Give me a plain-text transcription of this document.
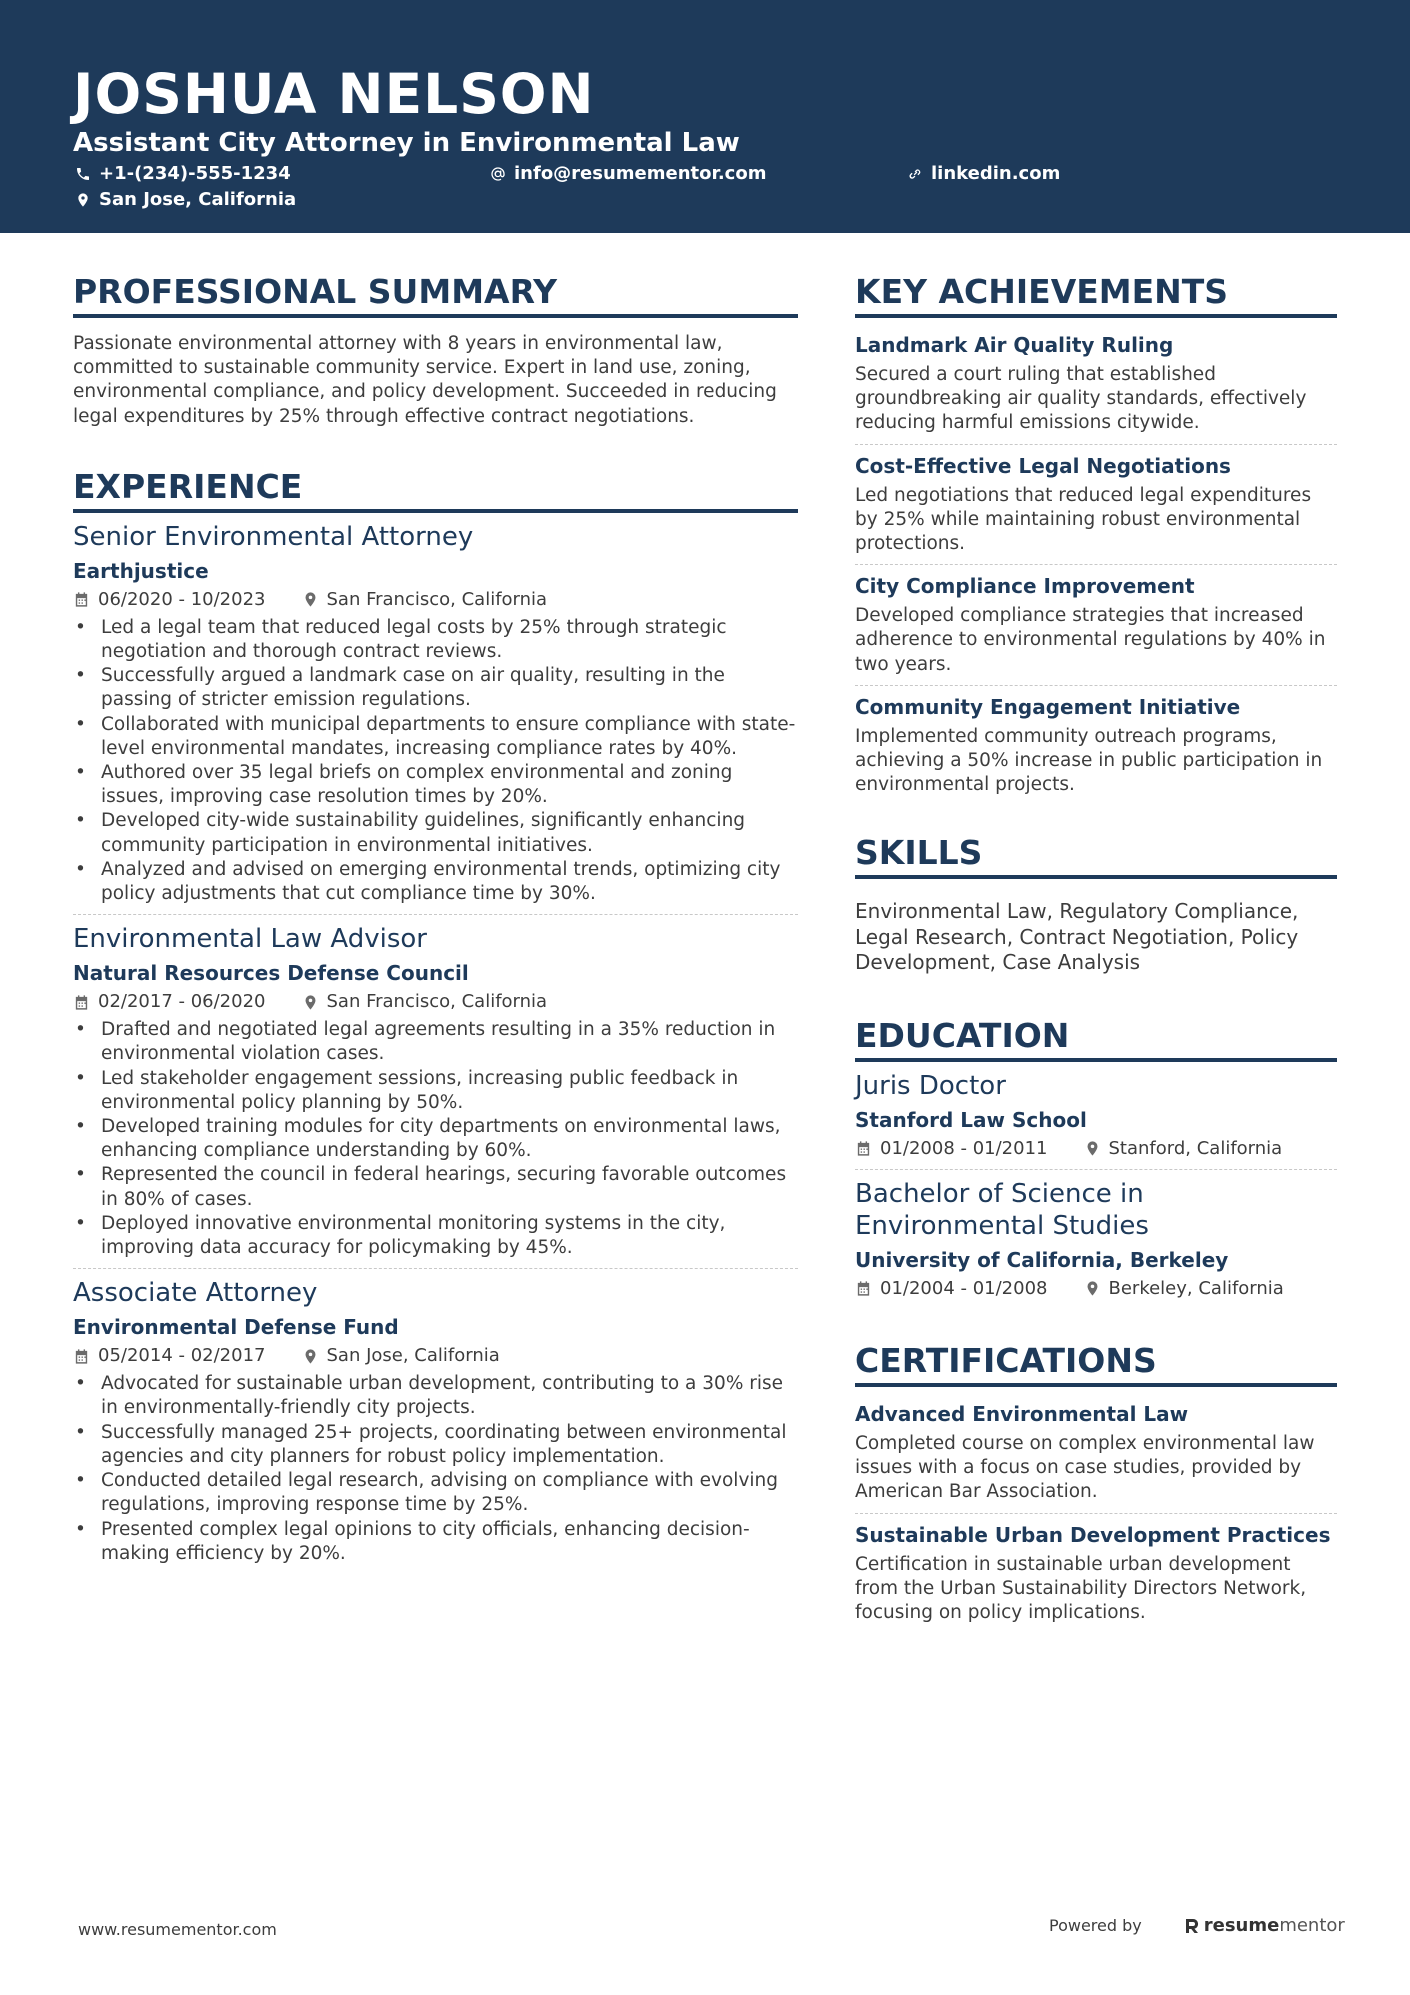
JOSHUA NELSON
Assistant City Attorney in Environmental Law
+1-(234)-555-1234	info@resumementor.com	linkedin.com
San Jose, California
PROFESSIONAL SUMMARY

Passionate environmental attorney with 8 years in environmental law, committed to sustainable community service. Expert in land use, zoning, environmental compliance, and policy development. Succeeded in reducing legal expenditures by 25% through effective contract negotiations.

EXPERIENCE

Senior Environmental Attorney

Earthjustice

06/2020 - 10/2023	San Francisco, California
• Led a legal team that reduced legal costs by 25% through strategic negotiation and thorough contract reviews.
• Successfully argued a landmark case on air quality, resulting in the passing of stricter emission regulations.
• Collaborated with municipal departments to ensure compliance with state-level environmental mandates, increasing compliance rates by 40%.
• Authored over 35 legal briefs on complex environmental and zoning issues, improving case resolution times by 20%.
• Developed city-wide sustainability guidelines, significantly enhancing community participation in environmental initiatives.
• Analyzed and advised on emerging environmental trends, optimizing city policy adjustments that cut compliance time by 30%.

Environmental Law Advisor

Natural Resources Defense Council

02/2017 - 06/2020	San Francisco, California
• Drafted and negotiated legal agreements resulting in a 35% reduction in environmental violation cases.
• Led stakeholder engagement sessions, increasing public feedback in environmental policy planning by 50%.
• Developed training modules for city departments on environmental laws, enhancing compliance understanding by 60%.
• Represented the council in federal hearings, securing favorable outcomes in 80% of cases.
• Deployed innovative environmental monitoring systems in the city, improving data accuracy for policymaking by 45%.

Associate Attorney

Environmental Defense Fund

05/2014 - 02/2017	San Jose, California
• Advocated for sustainable urban development, contributing to a 30% rise in environmentally-friendly city projects.
• Successfully managed 25+ projects, coordinating between environmental agencies and city planners for robust policy implementation.
• Conducted detailed legal research, advising on compliance with evolving regulations, improving response time by 25%.
• Presented complex legal opinions to city officials, enhancing decision-making efficiency by 20%.
KEY ACHIEVEMENTS

Landmark Air Quality Ruling

Secured a court ruling that established groundbreaking air quality standards, effectively reducing harmful emissions citywide.

Cost-Effective Legal Negotiations

Led negotiations that reduced legal expenditures by 25% while maintaining robust environmental protections.

City Compliance Improvement

Developed compliance strategies that increased adherence to environmental regulations by 40% in two years.

Community Engagement Initiative

Implemented community outreach programs, achieving a 50% increase in public participation in environmental projects.

SKILLS

Environmental Law, Regulatory Compliance, Legal Research, Contract Negotiation, Policy Development, Case Analysis

EDUCATION

Juris Doctor

Stanford Law School

01/2008 - 01/2011	Stanford, California

Bachelor of Science in Environmental Studies

University of California, Berkeley

01/2004 - 01/2008	Berkeley, California
CERTIFICATIONS

Advanced Environmental Law

Completed course on complex environmental law issues with a focus on case studies, provided by American Bar Association.

Sustainable Urban Development Practices

Certification in sustainable urban development from the Urban Sustainability Directors Network, focusing on policy implications.

www.resumementor.com	Powered by	resumementor
